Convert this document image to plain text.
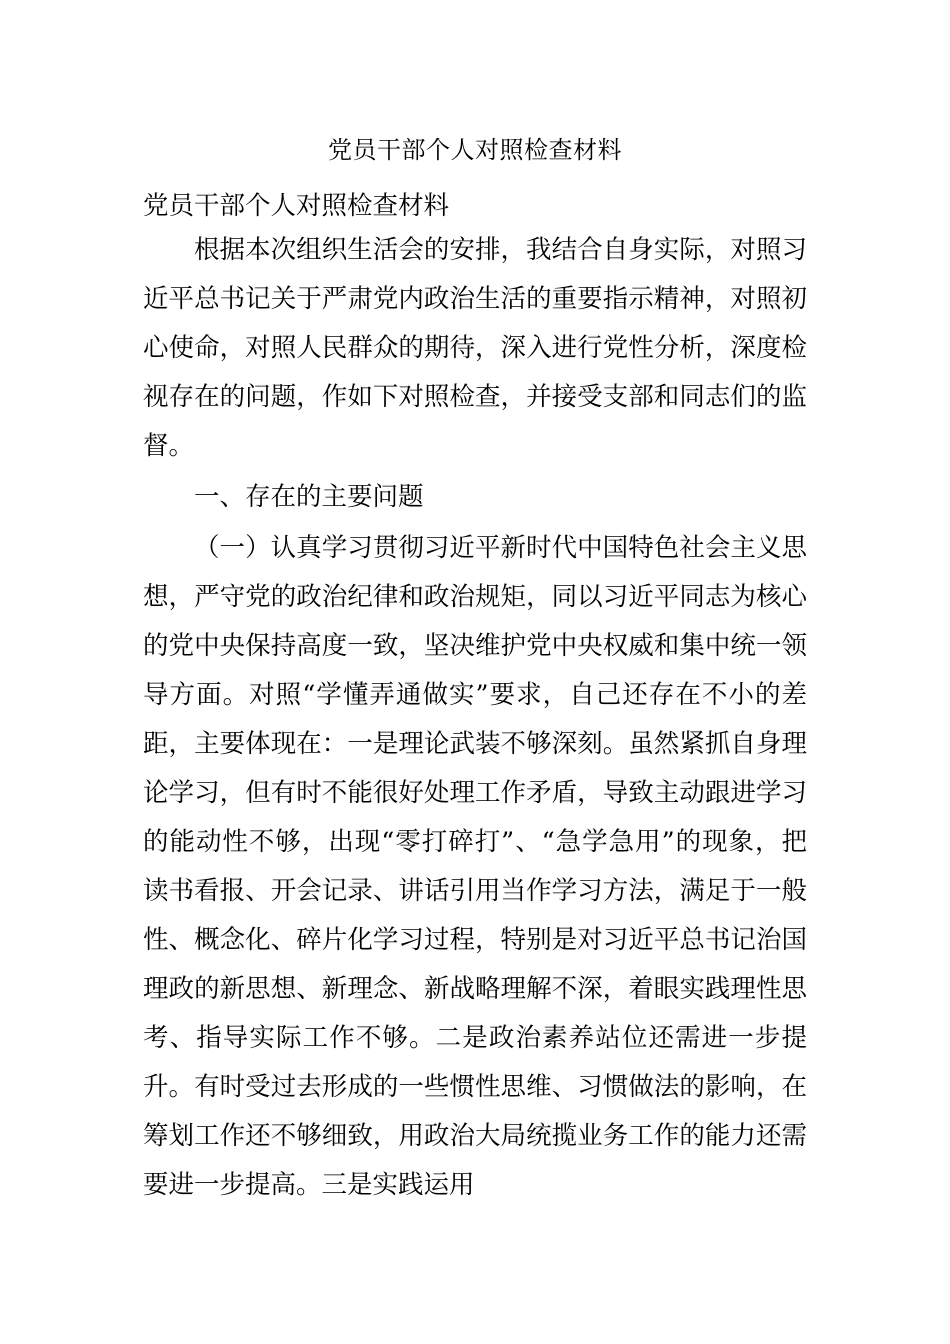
党员干部个人对照检查材料
党员干部个人对照检查材料

根据本次组织生活会的安排，我结合自身实际，对照习近平总书记关于严肃党内政治生活的重要指示精神，对照初心使命，对照人民群众的期待，深入进行党性分析，深度检视存在的问题，作如下对照检查，并接受支部和同志们的监督。

一、存在的主要问题

（一）认真学习贯彻习近平新时代中国特色社会主义思想，严守党的政治纪律和政治规矩，同以习近平同志为核心的党中央保持高度一致，坚决维护党中央权威和集中统一领导方面。对照“学懂弄通做实”要求，自己还存在不小的差距，主要体现在：一是理论武装不够深刻。虽然紧抓自身理论学习，但有时不能很好处理工作矛盾，导致主动跟进学习的能动性不够，出现“零打碎打”、“急学急用”的现象，把读书看报、开会记录、讲话引用当作学习方法，满足于一般性、概念化、碎片化学习过程，特别是对习近平总书记治国理政的新思想、新理念、新战略理解不深，着眼实践理性思考、指导实际工作不够。二是政治素养站位还需进一步提升。有时受过去形成的一些惯性思维、习惯做法的影响，在筹划工作还不够细致，用政治大局统揽业务工作的能力还需要进一步提高。三是实践运用
